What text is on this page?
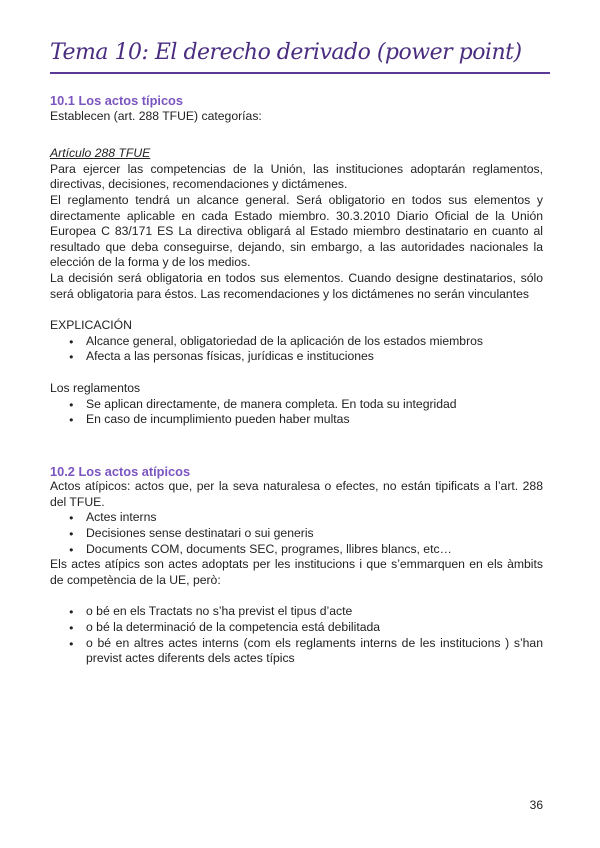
Tema 10: El derecho derivado (power point)

10.1 Los actos típicos

Establecen (art. 288 TFUE) categorías:

Artículo 288 TFUE

Para ejercer las competencias de la Unión, las instituciones adoptarán reglamentos, directivas, decisiones, recomendaciones y dictámenes.

El reglamento tendrá un alcance general. Será obligatorio en todos sus elementos y directamente aplicable en cada Estado miembro. 30.3.2010 Diario Oficial de la Unión Europea C 83/171 ES La directiva obligará al Estado miembro destinatario en cuanto al resultado que deba conseguirse, dejando, sin embargo, a las autoridades nacionales la elección de la forma y de los medios.

La decisión será obligatoria en todos sus elementos. Cuando designe destinatarios, sólo será obligatoria para éstos. Las recomendaciones y los dictámenes no serán vinculantes

EXPLICACIÓN

● Alcance general, obligatoriedad de la aplicación de los estados miembros
● Afecta a las personas físicas, jurídicas e instituciones

Los reglamentos

● Se aplican directamente, de manera completa. En toda su integridad
● En caso de incumplimiento pueden haber multas

10.2 Los actos atípicos

Actos atípicos: actos que, per la seva naturalesa o efectes, no están tipificats a l’art. 288 del TFUE.

● Actes interns
● Decisiones sense destinatari o sui generis
● Documents COM, documents SEC, programes, llibres blancs, etc…

Els actes atípics son actes adoptats per les institucions i que s’emmarquen en els àmbits de competència de la UE, però:

● o bé en els Tractats no s’ha previst el tipus d’acte
● o bé la determinació de la competencia está debilitada
● o bé en altres actes interns (com els reglaments interns de les institucions ) s’han previst actes diferents dels actes típics
36
